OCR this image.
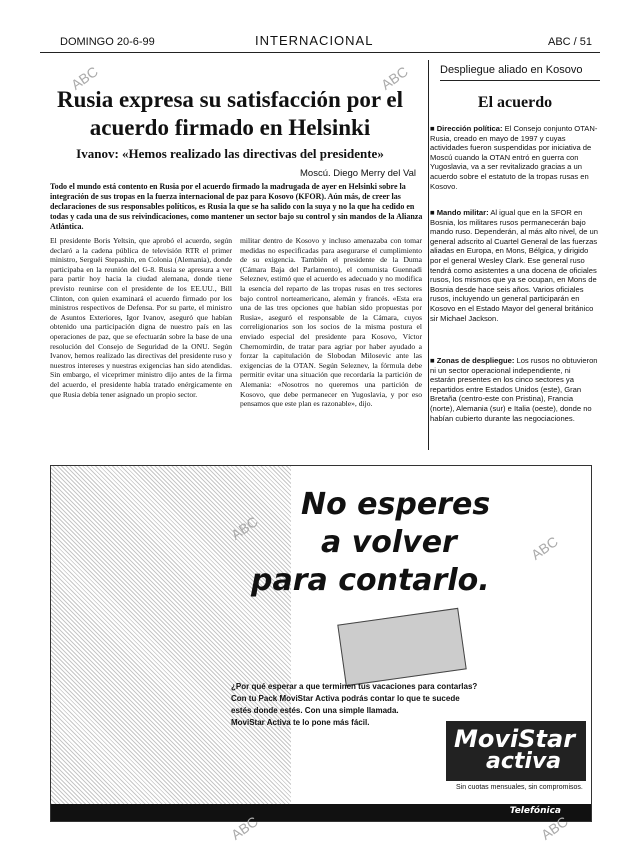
DOMINGO 20-6-99	INTERNACIONAL	ABC / 51
Rusia expresa su satisfacción por el acuerdo firmado en Helsinki
Ivanov: «Hemos realizado las directivas del presidente»
Moscú. Diego Merry del Val
Todo el mundo está contento en Rusia por el acuerdo firmado la madrugada de ayer en Helsinki sobre la integración de sus tropas en la fuerza internacional de paz para Kosovo (KFOR). Aún más, de creer las declaraciones de sus responsables políticos, es Rusia la que se ha salido con la suya y no la que ha cedido en todas y cada una de sus reivindicaciones, como mantener un sector bajo su control y sin mandos de la Alianza Atlántica.
El presidente Boris Yeltsin, que aprobó el acuerdo, según declaró a la cadena pública de televisión RTR el primer ministro, Serguéi Stepashin, en Colonia (Alemania), donde participaba en la reunión del G-8. Rusia se apresura a ver para partir hoy hacia la ciudad alemana, donde tiene previsto reunirse con el presidente de los EE.UU., Bill Clinton, con quien examinará el acuerdo firmado por los ministros respectivos de Defensa. Por su parte, el ministro de Asuntos Exteriores, Igor Ivanov, aseguró que habían obtenido una participación digna de nuestro país en las operaciones de paz, que se efectuarán sobre la base de una resolución del Consejo de Seguridad de la ONU. Según Ivanov, hemos realizado las directivas del presidente ruso y nuestros intereses y nuestras exigencias han sido atendidas. Sin embargo, el viceprimer ministro dijo antes de la firma del acuerdo, el presidente había tratado enérgicamente en que Rusia debía tener asignado un propio sector.
militar dentro de Kosovo y incluso amenazaba con tomar medidas no especificadas para asegurarse el cumplimiento de su exigencia. También el presidente de la Duma (Cámara Baja del Parlamento), el comunista Guennadi Seleznev, estimó que el acuerdo es adecuado y no modifica la esencia del reparto de las tropas rusas en tres sectores bajo control norteamericano, alemán y francés. «Esta era una de las tres opciones que habían sido propuestas por Rusia», aseguró el responsable de la Cámara, cuyos correligionarios son los socios de la misma postura el enviado especial del presidente para Kosovo, Víctor Chernomirdin, de tratar para agriar por haber ayudado a forzar la capitulación de Slobodan Milosevic ante las exigencias de la OTAN. Según Seleznev, la fórmula debe permitir evitar una situación que recordaría la partición de Alemania: «Nosotros no queremos una partición de Kosovo, que debe permanecer en Yugoslavia, y por eso pensamos que este plan es razonable», dijo.
Despliegue aliado en Kosovo
El acuerdo
■ Dirección política: El Consejo conjunto OTAN-Rusia, creado en mayo de 1997 y cuyas actividades fueron suspendidas por iniciativa de Moscú cuando la OTAN entró en guerra con Yugoslavia, va a ser revitalizado gracias a un acuerdo sobre el estatuto de la tropas rusas en Kosovo.
■ Mando militar: Al igual que en la SFOR en Bosnia, los militares rusos permanecerán bajo mando ruso. Dependerán, al más alto nivel, de un general adscrito al Cuartel General de las fuerzas aliadas en Europa, en Mons, Bélgica, y dirigido por el general Wesley Clark. Ese general ruso tendrá como asistentes a una docena de oficiales rusos, los mismos que ya se ocupan, en Mons de Bosnia desde hace seis años. Varios oficiales rusos, incluyendo un general participarán en Kosovo en el Estado Mayor del general británico sir Michael Jackson.
■ Zonas de despliegue: Los rusos no obtuvieron ni un sector operacional independiente, ni estarán presentes en los cinco sectores ya repartidos entre Estados Unidos (este), Gran Bretaña (centro-este con Pristina), Francia (norte), Alemania (sur) e Italia (oeste), donde no habían cubierto durante las negociaciones.
No esperes
a volver
para contarlo.
¿Por qué esperar a que terminen tus vacaciones para contarlas?
Con tu Pack MoviStar Activa podrás contar lo que te sucede
estés donde estés. Con una simple llamada.
MoviStar Activa te lo pone más fácil.
MoviStar
activa
Sin cuotas mensuales, sin compromisos.
Telefónica
ABC	ABC
ABC
ABC
ABC	ABC
